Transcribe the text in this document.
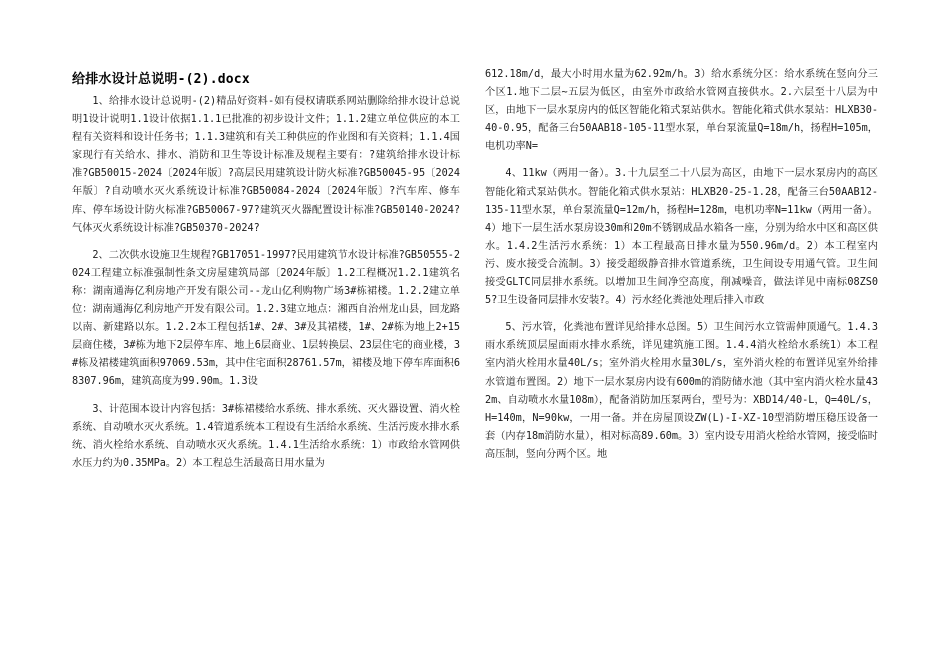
给排水设计总说明-(2).docx

1、给排水设计总说明-(2)精品好资料-如有侵权请联系网站删除给排水设计总说明1设计说明1.1设计依据1.1.1已批准的初步设计文件；1.1.2建立单位供应的本工程有关资料和设计任务书；1.1.3建筑和有关工种供应的作业图和有关资料；1.1.4国家现行有关给水、排水、消防和卫生等设计标准及规程主要有：?建筑给排水设计标准?GB50015-2024〔2024年版〕?高层民用建筑设计防火标准?GB50045-95〔2024年版〕?自动喷水灭火系统设计标准?GB50084-2024〔2024年版〕?汽车库、修车库、停车场设计防火标准?GB50067-97?建筑灭火器配置设计标准?GB50140-2024?气体灭火系统设计标准?GB50370-2024?

2、二次供水设施卫生规程?GB17051-1997?民用建筑节水设计标准?GB50555-2024工程建立标准强制性条文房屋建筑局部〔2024年版〕1.2工程概况1.2.1建筑名称：湖南通海亿利房地产开发有限公司--龙山亿利购物广场3#栋裙楼。1.2.2建立单位：湖南通海亿利房地产开发有限公司。1.2.3建立地点：湘西自治州龙山县，回龙路以南、新建路以东。1.2.2本工程包括1#、2#、3#及其裙楼，1#、2#栋为地上2+15层商住楼，3#栋为地下2层停车库、地上6层商业、1层转换层、23层住宅的商业楼，3#栋及裙楼建筑面积97069.53m，其中住宅面积28761.57m，裙楼及地下停车库面积68307.96m，建筑高度为99.90m。1.3设

3、计范围本设计内容包括：3#栋裙楼给水系统、排水系统、灭火器设置、消火栓系统、自动喷水灭火系统。1.4管道系统本工程设有生活给水系统、生活污废水排水系统、消火栓给水系统、自动喷水灭火系统。1.4.1生活给水系统：1）市政给水管网供水压力约为0.35MPa。2）本工程总生活最高日用水量为

612.18m/d，最大小时用水量为62.92m/h。3）给水系统分区：给水系统在竖向分三个区1.地下二层~五层为低区，由室外市政给水管网直接供水。2.六层至十八层为中区，由地下一层水泵房内的低区智能化箱式泵站供水。智能化箱式供水泵站：HLXB30-40-0.95，配备三台50AAB18-105-11型水泵，单台泵流量Q=18m/h，扬程H=105m，电机功率N=

4、11kw（两用一备）。3.十九层至二十八层为高区，由地下一层水泵房内的高区智能化箱式泵站供水。智能化箱式供水泵站：HLXB20-25-1.28，配备三台50AAB12-135-11型水泵，单台泵流量Q=12m/h，扬程H=128m，电机功率N=11kw（两用一备）。4）地下一层生活水泵房设30m和20m不锈钢成品水箱各一座，分别为给水中区和高区供水。1.4.2生活污水系统：1）本工程最高日排水量为550.96m/d。2）本工程室内污、废水接受合流制。3）接受超级静音排水管道系统，卫生间设专用通气管。卫生间接受GLTC同层排水系统。以增加卫生间净空高度，削减噪音，做法详见中南标08ZS05?卫生设备同层排水安装?。4）污水经化粪池处理后排入市政

5、污水管，化粪池布置详见给排水总图。5）卫生间污水立管需伸顶通气。1.4.3雨水系统顶层屋面雨水排水系统，详见建筑施工图。1.4.4消火栓给水系统1）本工程室内消火栓用水量40L/s；室外消火栓用水量30L/s，室外消火栓的布置详见室外给排水管道布置图。2）地下一层水泵房内设有600m的消防储水池（其中室内消火栓水量432m、自动喷水水量108m），配备消防加压泵两台，型号为：XBD14/40-L，Q=40L/s，H=140m，N=90kw，一用一备。并在房屋顶设ZW(L)-I-XZ-10型消防增压稳压设备一套（内存18m消防水量），相对标高89.60m。3）室内设专用消火栓给水管网，接受临时高压制，竖向分两个区。地
